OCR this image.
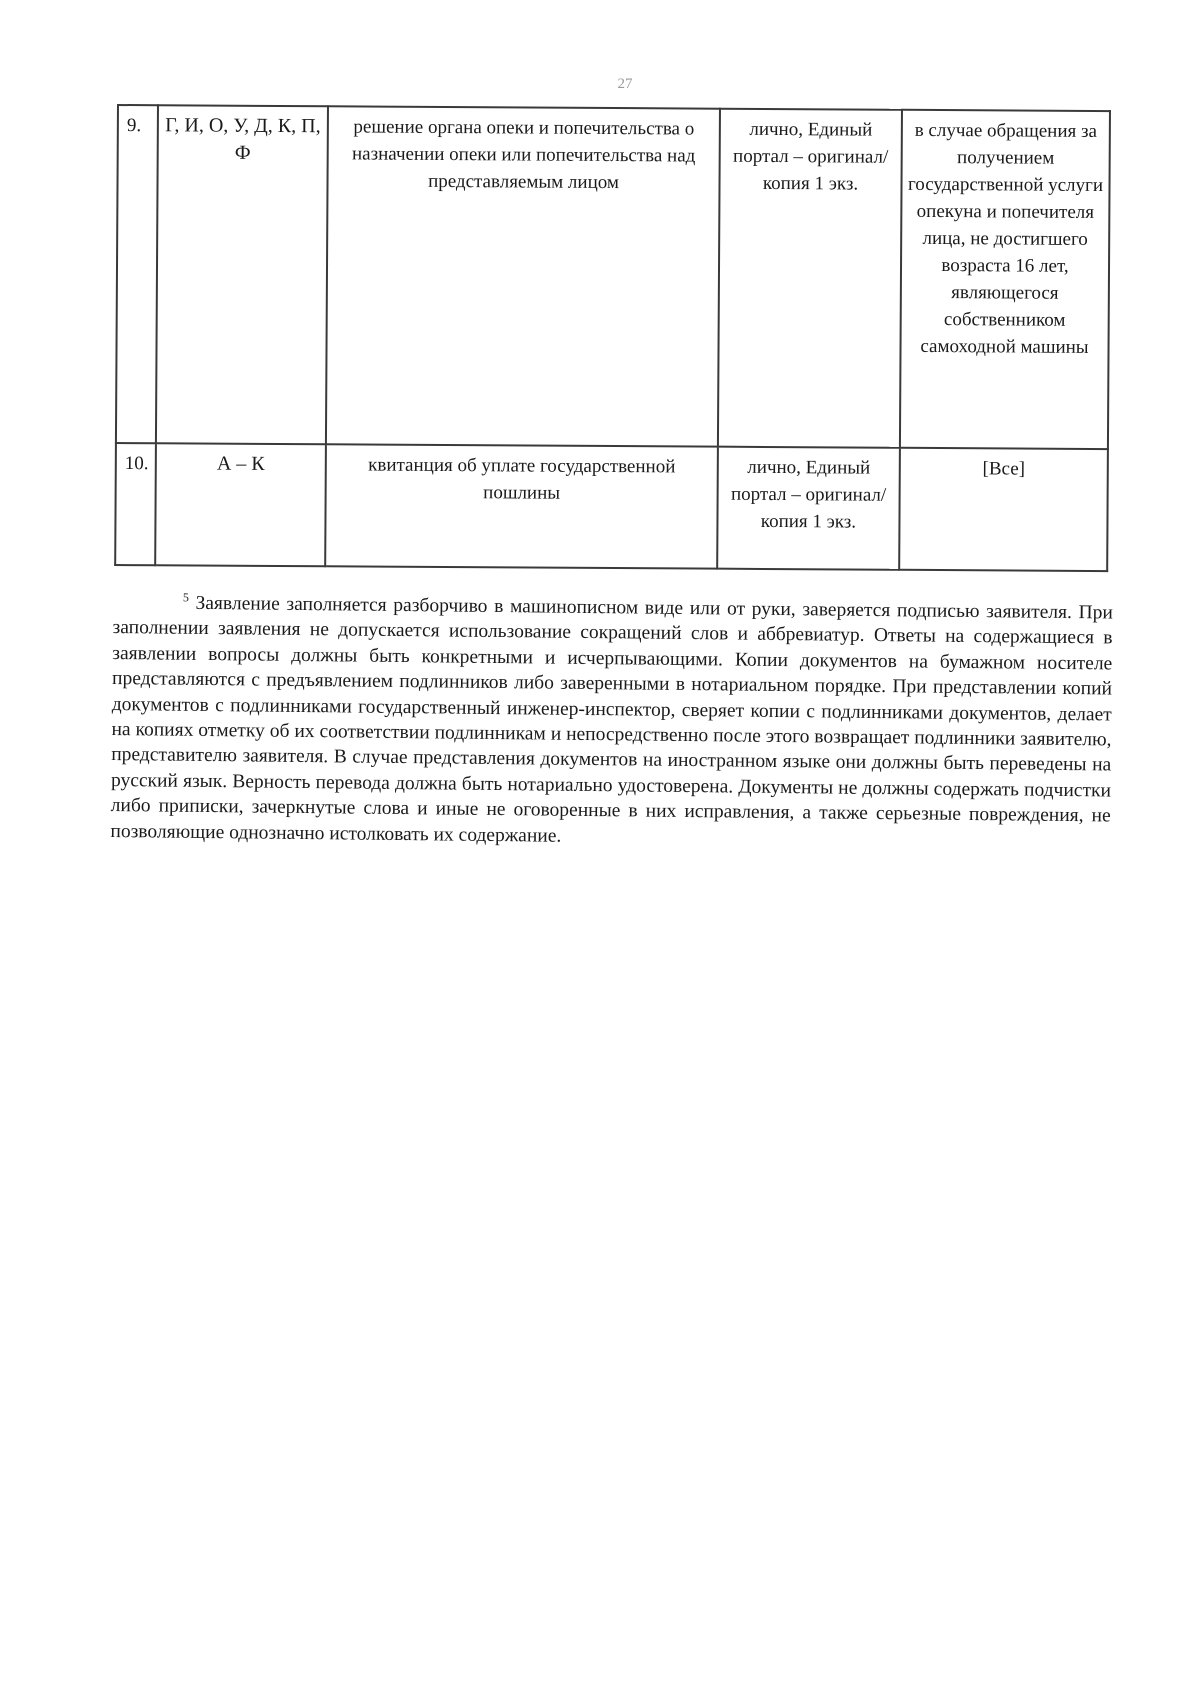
27
9.	Г, И, О, У, Д, К, П, Ф	решение органа опеки и попечительства о назначении опеки или попечительства над представляемым лицом	лично, Единый портал – оригинал/копия 1 экз.	в случае обращения за получением государственной услуги опекуна и попечителя лица, не достигшего возраста 16 лет, являющегося собственником самоходной машины
10.	А – К	квитанция об уплате государственной пошлины	лично, Единый портал – оригинал/копия 1 экз.	[Все]

$^5$ Заявление заполняется разборчиво в машинописном виде или от руки, заверяется подписью заявителя. При заполнении заявления не допускается использование сокращений слов и аббревиатур. Ответы на содержащиеся в заявлении вопросы должны быть конкретными и исчерпывающими. Копии документов на бумажном носителе представляются с предъявлением подлинников либо заверенными в нотариальном порядке. При представлении копий документов с подлинниками государственный инженер-инспектор, сверяет копии с подлинниками документов, делает на копиях отметку об их соответствии подлинникам и непосредственно после этого возвращает подлинники заявителю, представителю заявителя. В случае представления документов на иностранном языке они должны быть переведены на русский язык. Верность перевода должна быть нотариально удостоверена. Документы не должны содержать подчистки либо приписки, зачеркнутые слова и иные не оговоренные в них исправления, а также серьезные повреждения, не позволяющие однозначно истолковать их содержание.
